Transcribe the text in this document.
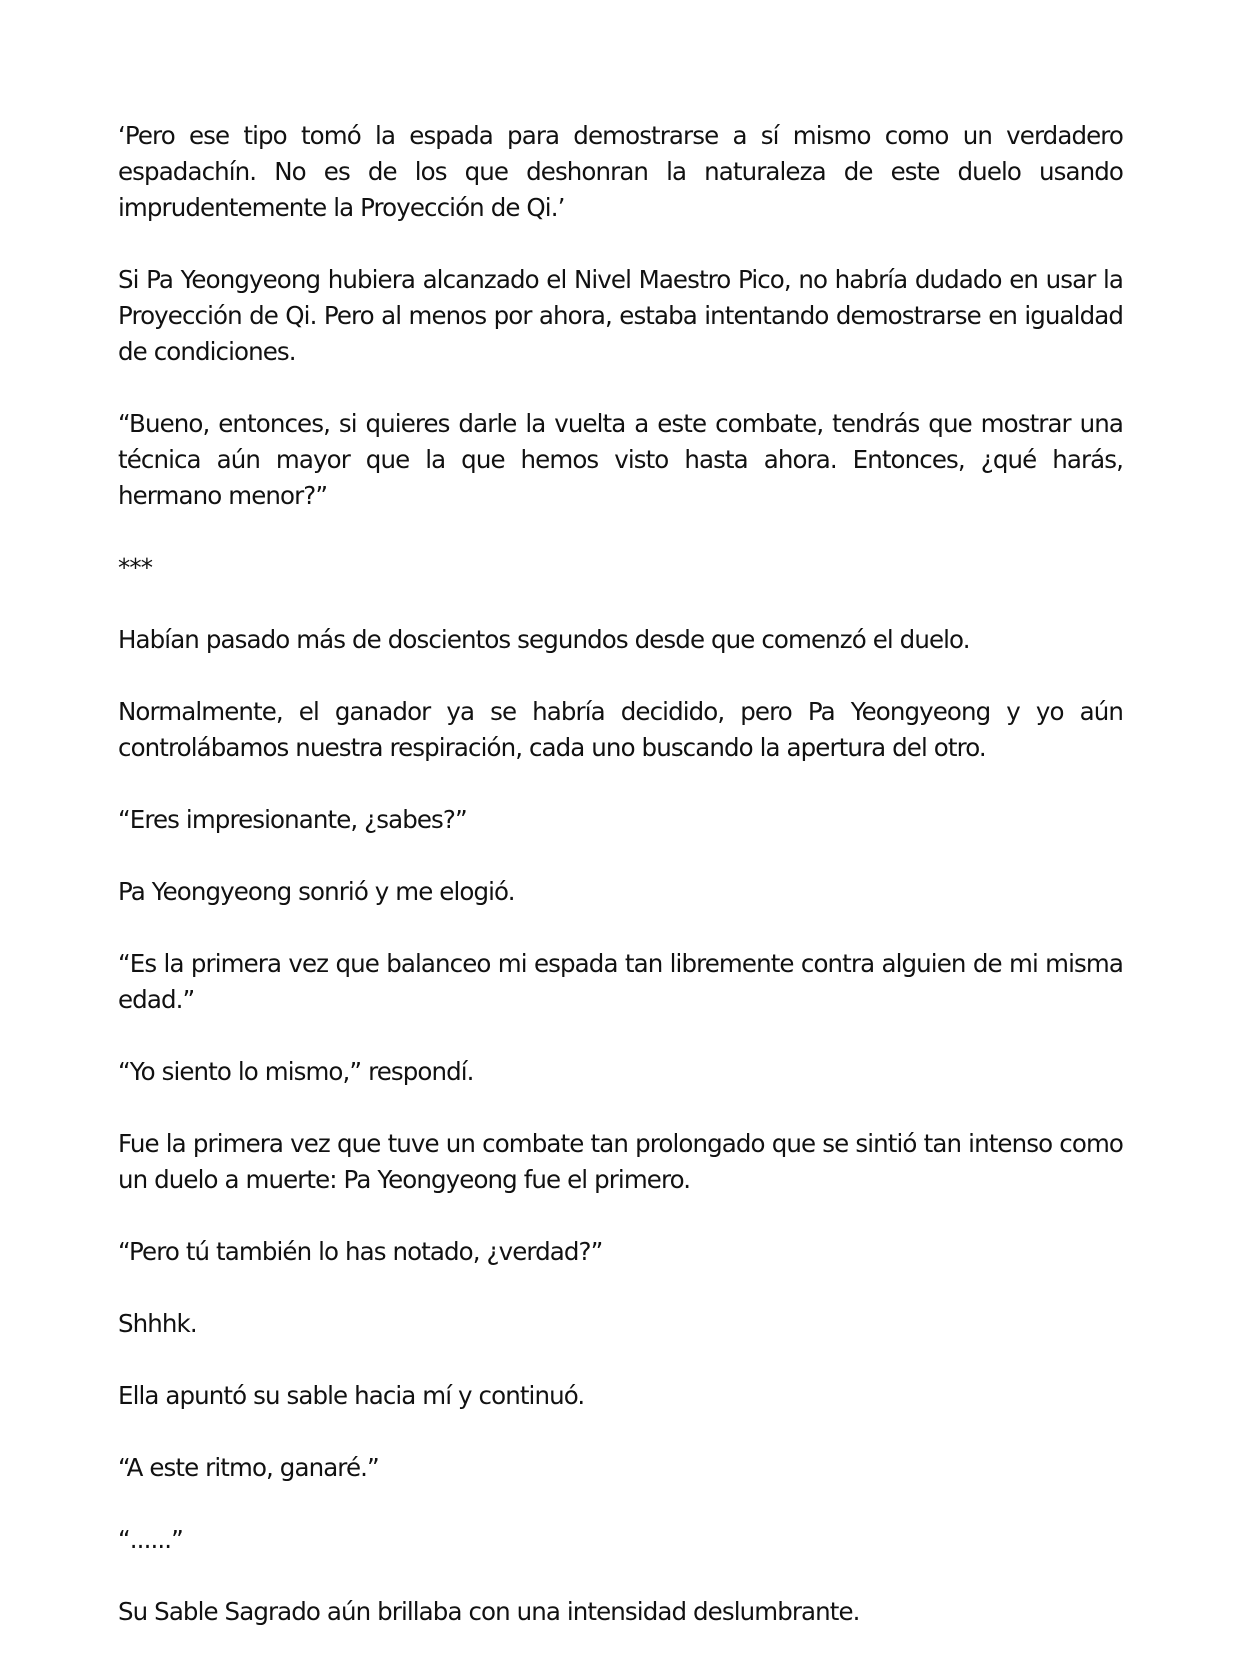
‘Pero ese tipo tomó la espada para demostrarse a sí mismo como un verdadero espadachín. No es de los que deshonran la naturaleza de este duelo usando imprudentemente la Proyección de Qi.’

Si Pa Yeongyeong hubiera alcanzado el Nivel Maestro Pico, no habría dudado en usar la Proyección de Qi. Pero al menos por ahora, estaba intentando demostrarse en igualdad de condiciones.

“Bueno, entonces, si quieres darle la vuelta a este combate, tendrás que mostrar una técnica aún mayor que la que hemos visto hasta ahora. Entonces, ¿qué harás, hermano menor?”

***

Habían pasado más de doscientos segundos desde que comenzó el duelo.

Normalmente, el ganador ya se habría decidido, pero Pa Yeongyeong y yo aún controlábamos nuestra respiración, cada uno buscando la apertura del otro.

“Eres impresionante, ¿sabes?”

Pa Yeongyeong sonrió y me elogió.

“Es la primera vez que balanceo mi espada tan libremente contra alguien de mi misma edad.”

“Yo siento lo mismo,” respondí.

Fue la primera vez que tuve un combate tan prolongado que se sintió tan intenso como un duelo a muerte: Pa Yeongyeong fue el primero.

“Pero tú también lo has notado, ¿verdad?”

Shhhk.

Ella apuntó su sable hacia mí y continuó.

“A este ritmo, ganaré.”

“......”

Su Sable Sagrado aún brillaba con una intensidad deslumbrante.
